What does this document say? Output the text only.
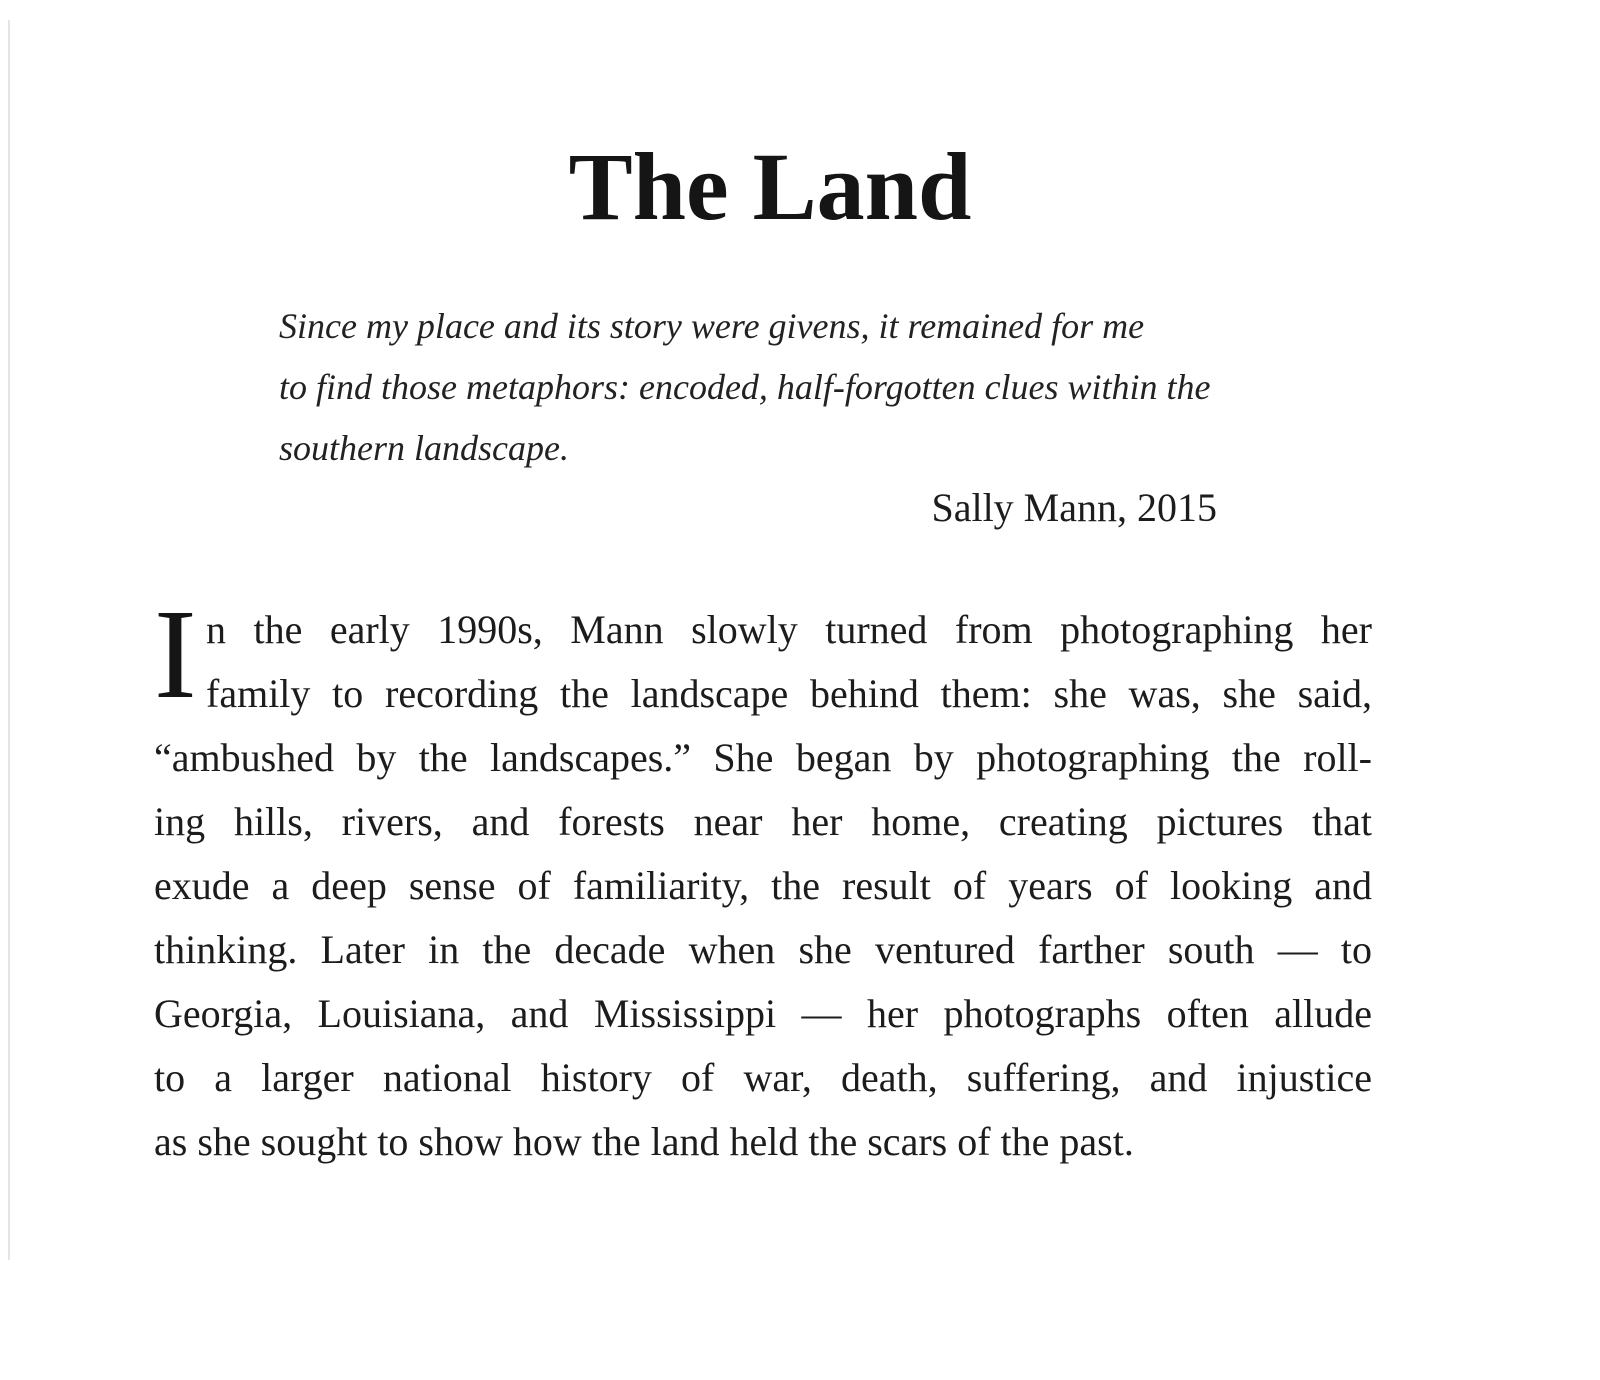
The Land
Since my place and its story were givens, it remained for me
to find those metaphors: encoded, half-forgotten clues within the
southern landscape.
Sally Mann, 2015
I n the early 1990s, Mann slowly turned from photographing her
family to recording the landscape behind them: she was, she said,
“ambushed by the landscapes.” She began by photographing the roll-
ing hills, rivers, and forests near her home, creating pictures that
exude a deep sense of familiarity, the result of years of looking and
thinking. Later in the decade when she ventured farther south — to
Georgia, Louisiana, and Mississippi — her photographs often allude
to a larger national history of war, death, suffering, and injustice
as she sought to show how the land held the scars of the past.
